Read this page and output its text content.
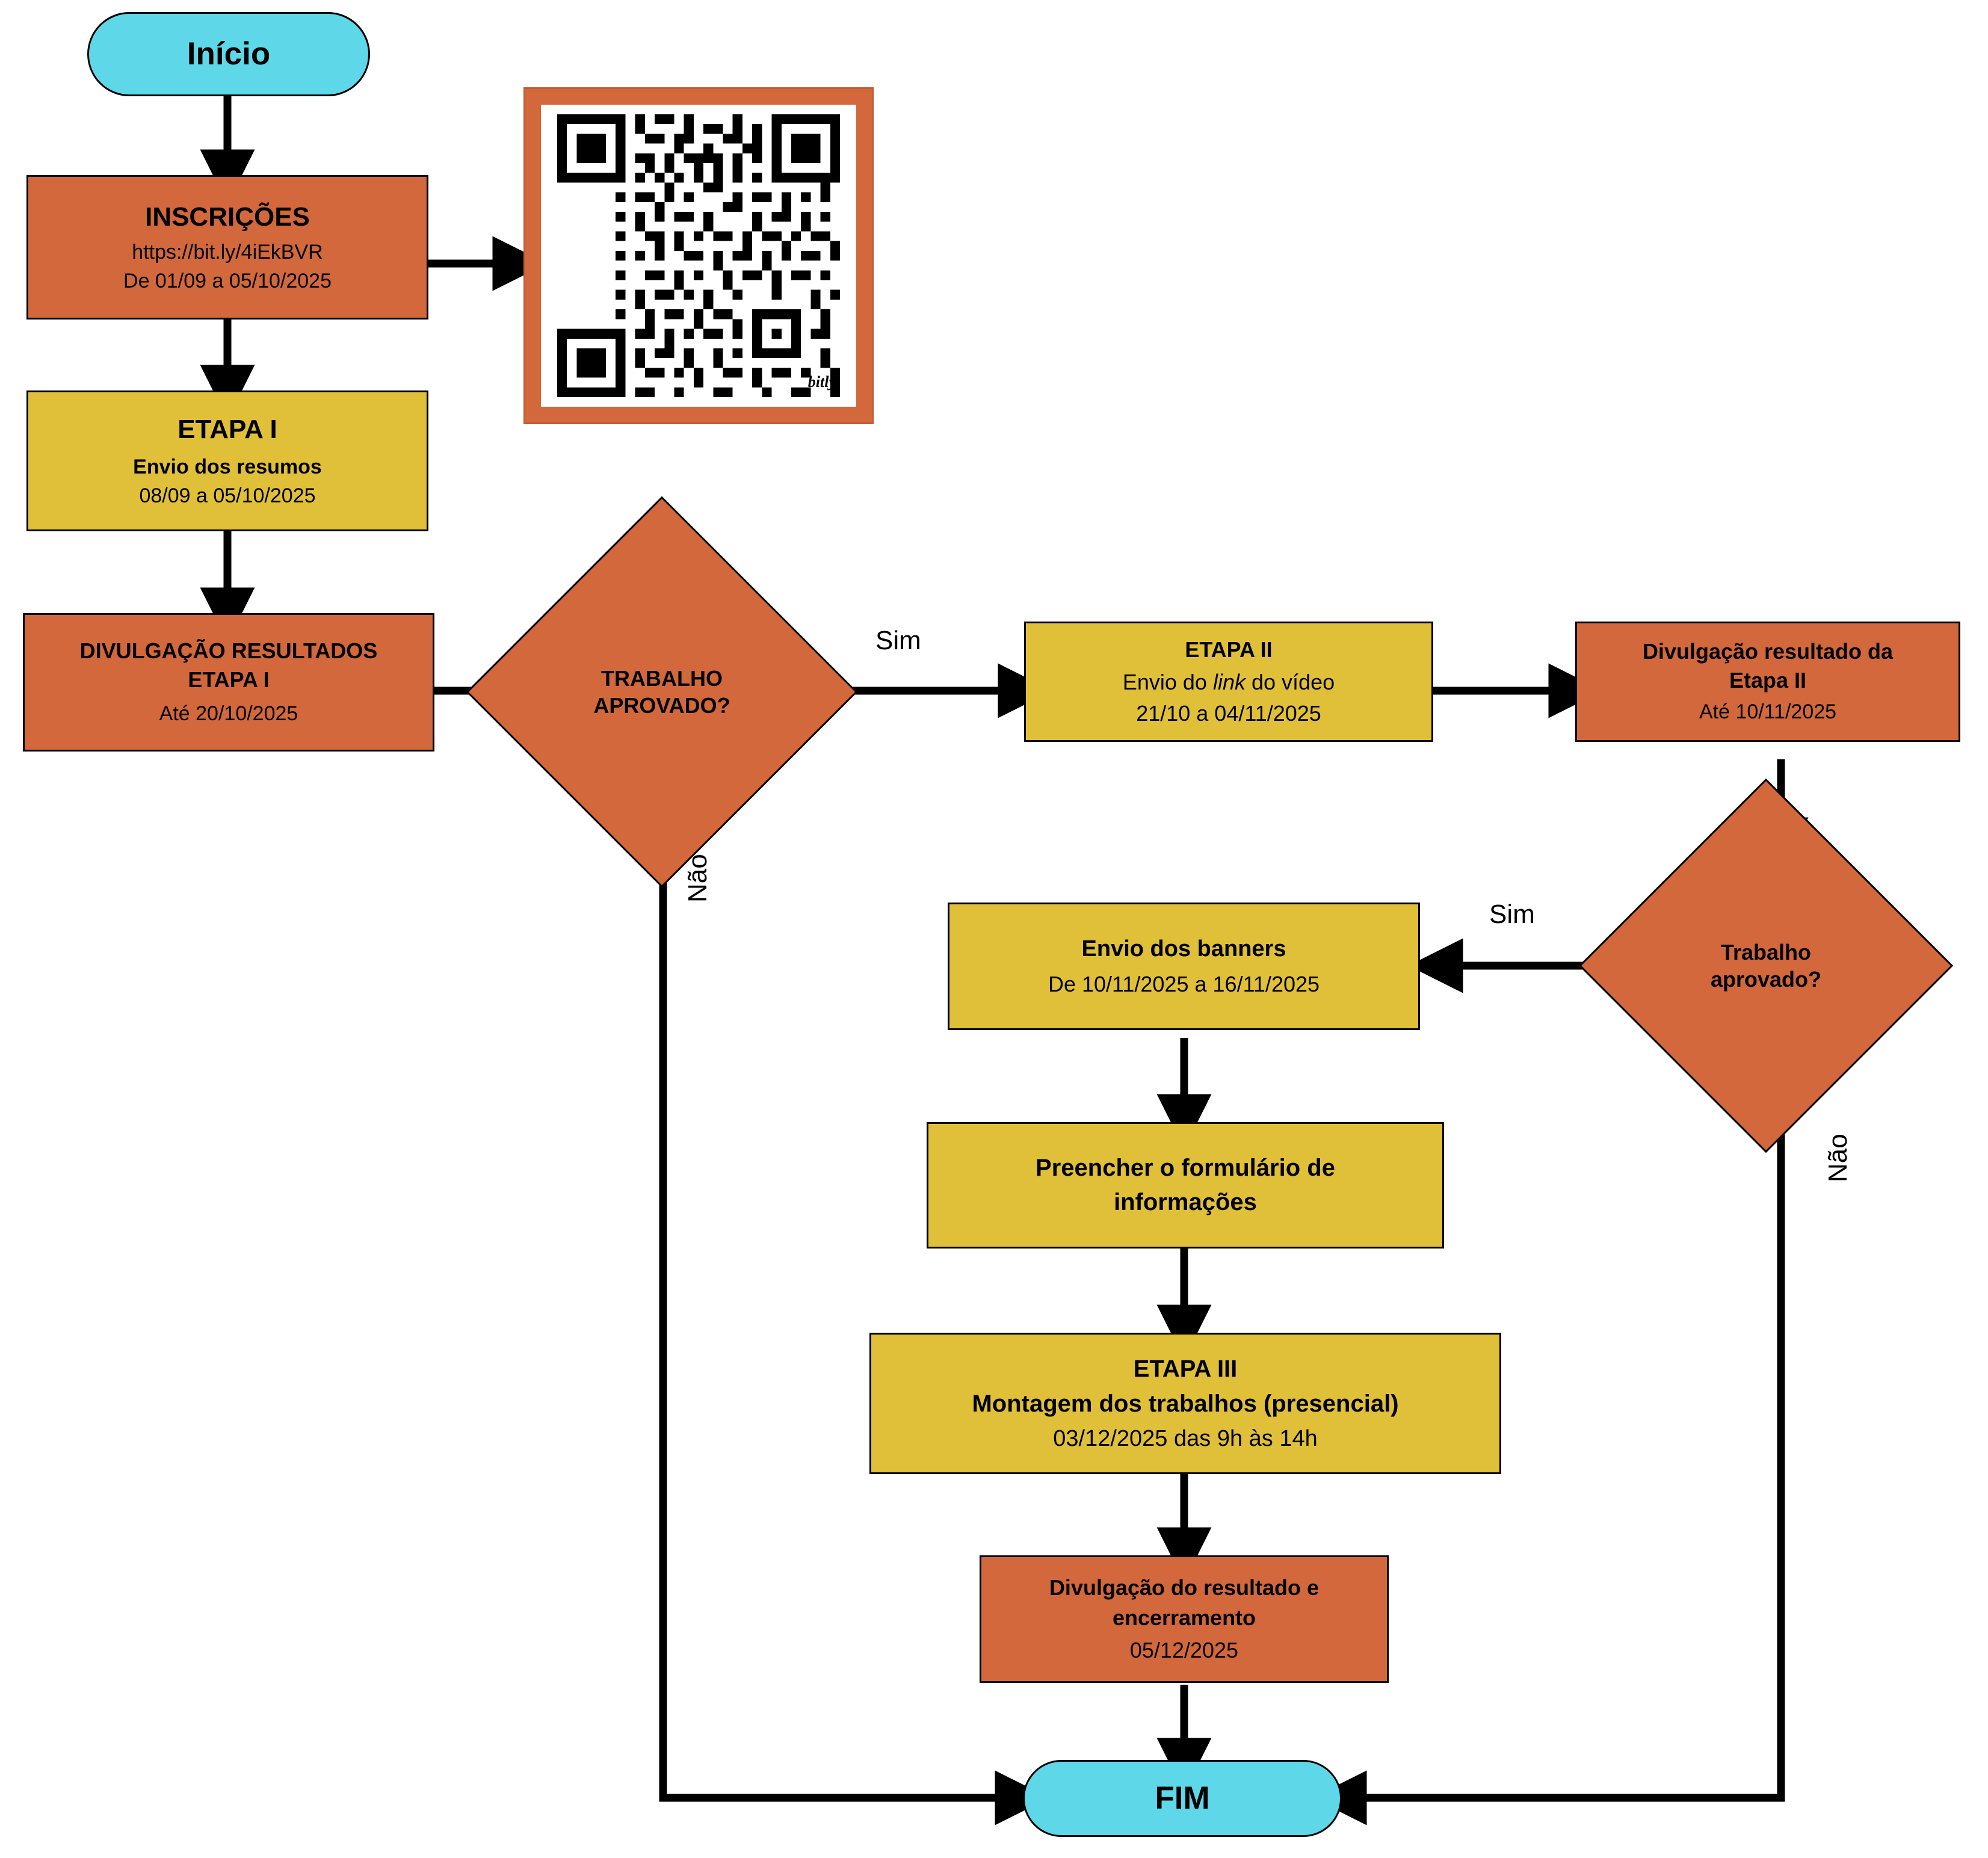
Início
INSCRIÇÕES
https://bit.ly/4iEkBVR
De 01/09 a 05/10/2025
bitly
ETAPA I
Envio dos resumos
08/09 a 05/10/2025
DIVULGAÇÃO RESULTADOS
ETAPA I
Até 20/10/2025
TRABALHO
APROVADO?
ETAPA II
Envio do link do vídeo
21/10 a 04/11/2025
Divulgação resultado da
Etapa II
Até 10/11/2025
Trabalho
aprovado?
Envio dos banners
De 10/11/2025 a 16/11/2025
Preencher o formulário de
informações
ETAPA III
Montagem dos trabalhos (presencial)
03/12/2025 das 9h às 14h
Divulgação do resultado e
encerramento
05/12/2025
FIM
Sim
Não
Sim
Não
